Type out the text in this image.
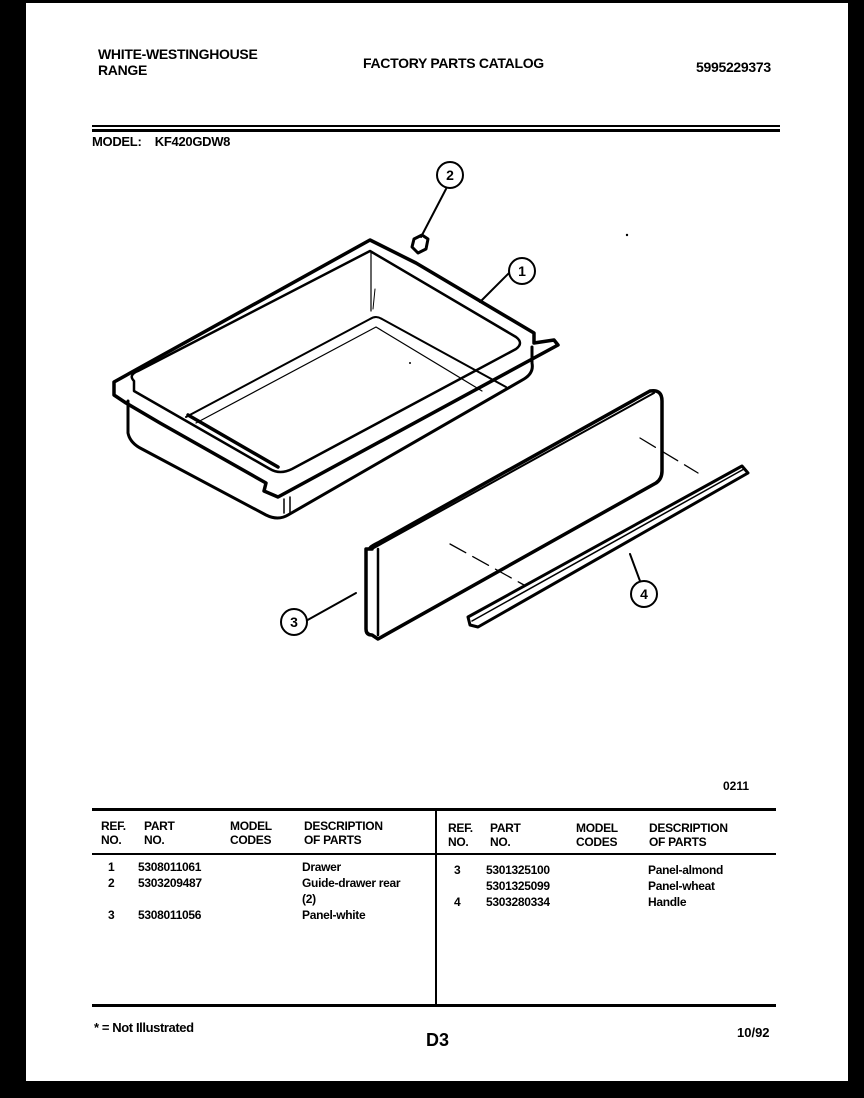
WHITE-WESTINGHOUSE
RANGE	FACTORY PARTS CATALOG	5995229373
MODEL: KF420GDW8
2
1
3
4
0211
REF.
NO.
PART
NO.
MODEL
CODES
DESCRIPTION
OF PARTS
1 5308011061	Drawer
2 5303209487	Guide-drawer rear
(2)
3 5308011056	Panel-white
REF.
NO.
PART
NO.
MODEL
CODES
DESCRIPTION
OF PARTS
3 5301325100	Panel-almond
5301325099	Panel-wheat
4 5303280334	Handle
* = Not Illustrated
D3	10/92
